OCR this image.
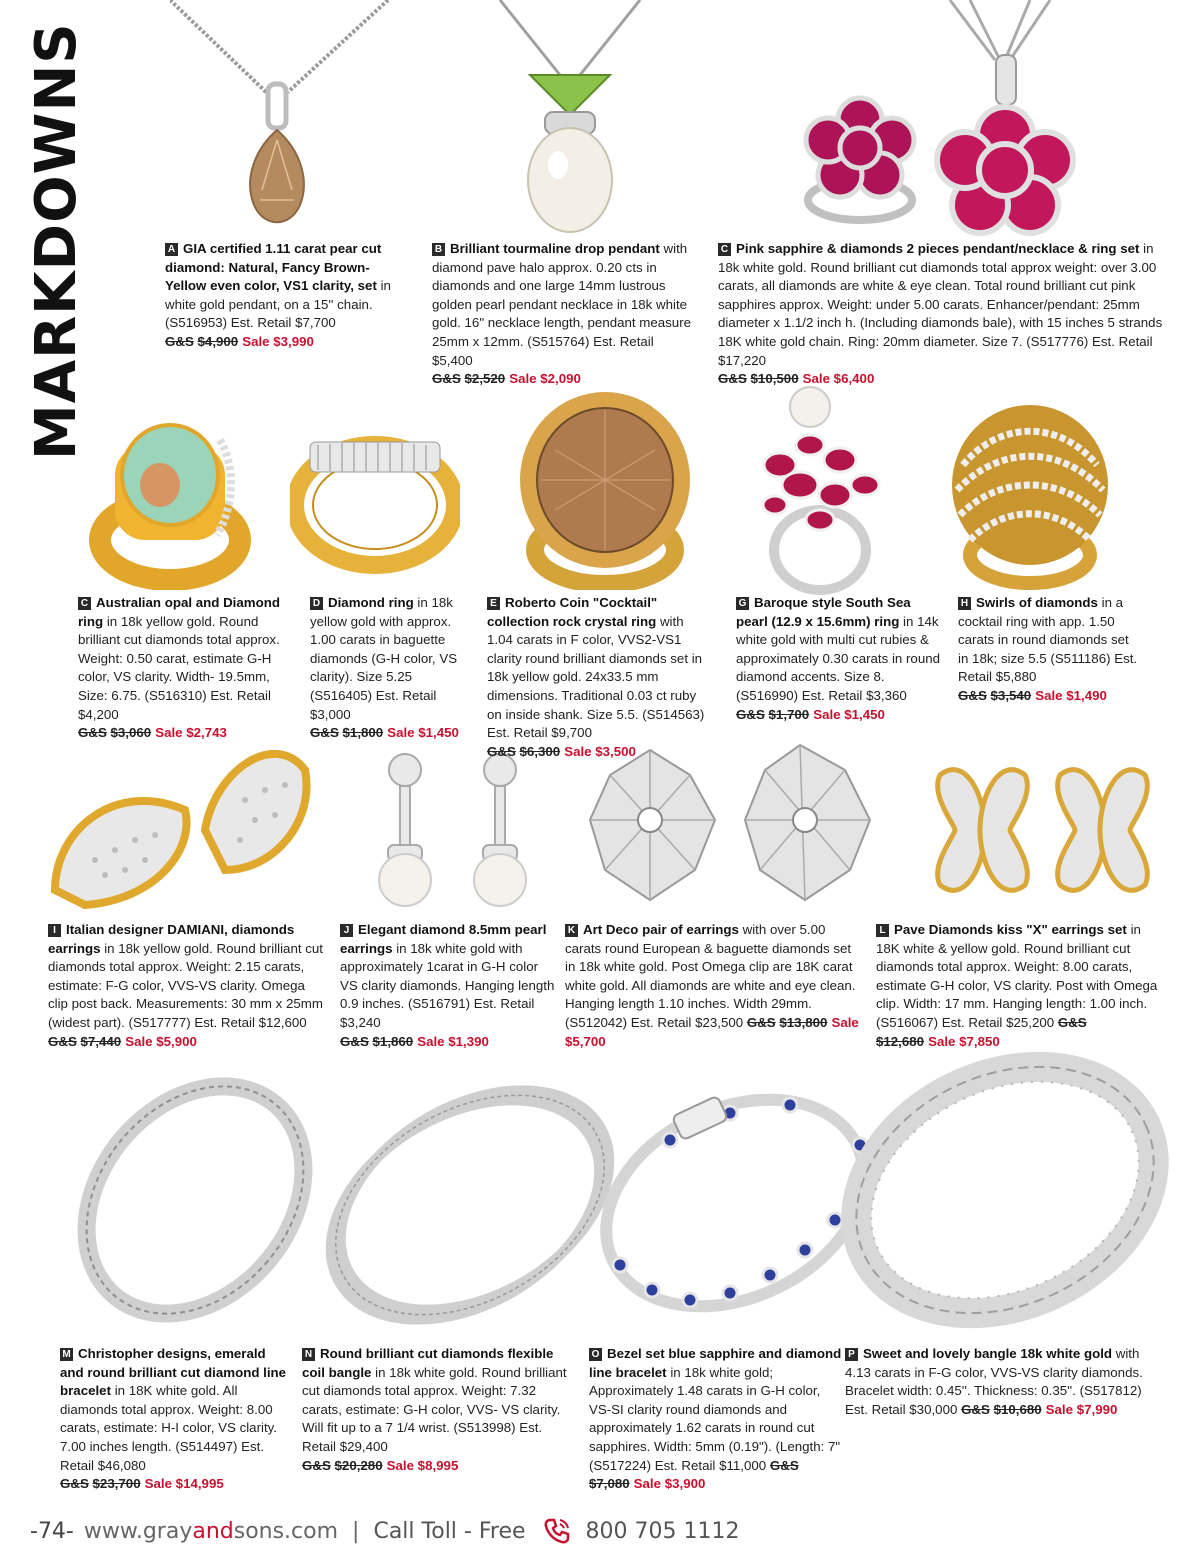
MARKDOWNS	A GIA certified 1.11 carat pear cut diamond: Natural, Fancy Brown-Yellow even color, VS1 clarity, set in white gold pendant, on a 15'' chain. (S516953) Est. Retail $7,700
G&S $4,900 Sale $3,990
B Brilliant tourmaline drop pendant with diamond pave halo approx. 0.20 cts in diamonds and one large 14mm lustrous golden pearl pendant necklace in 18k white gold. 16" necklace length, pendant measure 25mm x 12mm. (S515764) Est. Retail $5,400
G&S $2,520 Sale $2,090
C Pink sapphire & diamonds 2 pieces pendant/necklace & ring set in 18k white gold. Round brilliant cut diamonds total approx weight: over 3.00 carats, all diamonds are white & eye clean. Total round brilliant cut pink sapphires approx. Weight: under 5.00 carats. Enhancer/pendant: 25mm diameter x 1.1/2 inch h. (Including diamonds bale), with 15 inches 5 strands 18K white gold chain. Ring: 20mm diameter. Size 7. (S517776) Est. Retail $17,220
G&S $10,500 Sale $6,400
C Australian opal and Diamond ring in 18k yellow gold. Round brilliant cut diamonds total approx. Weight: 0.50 carat, estimate G-H color, VS clarity. Width- 19.5mm, Size: 6.75. (S516310) Est. Retail $4,200
G&S $3,060 Sale $2,743
D Diamond ring in 18k yellow gold with approx. 1.00 carats in baguette diamonds (G-H color, VS clarity). Size 5.25 (S516405) Est. Retail $3,000
G&S $1,800 Sale $1,450
E Roberto Coin "Cocktail" collection rock crystal ring with 1.04 carats in F color, VVS2-VS1 clarity round brilliant diamonds set in 18k yellow gold. 24x33.5 mm dimensions. Traditional 0.03 ct ruby on inside shank. Size 5.5. (S514563) Est. Retail $9,700
G&S $6,300 Sale $3,500
G Baroque style South Sea pearl (12.9 x 15.6mm) ring in 14k white gold with multi cut rubies & approximately 0.30 carats in round diamond accents. Size 8. (S516990) Est. Retail $3,360
G&S $1,700 Sale $1,450
H Swirls of diamonds in a cocktail ring with app. 1.50 carats in round diamonds set in 18k; size 5.5 (S511186) Est. Retail $5,880
G&S $3,540 Sale $1,490
I Italian designer DAMIANI, diamonds earrings in 18k yellow gold. Round brilliant cut diamonds total approx. Weight: 2.15 carats, estimate: F-G color, VVS-VS clarity. Omega clip post back. Measurements: 30 mm x 25mm (widest part). (S517777) Est. Retail $12,600
G&S $7,440 Sale $5,900
J Elegant diamond 8.5mm pearl earrings in 18k white gold with approximately 1carat in G-H color VS clarity diamonds. Hanging length 0.9 inches. (S516791) Est. Retail $3,240
G&S $1,860 Sale $1,390
K Art Deco pair of earrings with over 5.00 carats round European & baguette diamonds set in 18k white gold. Post Omega clip are 18K carat white gold. All diamonds are white and eye clean. Hanging length 1.10 inches. Width 29mm. (S512042) Est. Retail $23,500 G&S $13,800 Sale $5,700
L Pave Diamonds kiss "X" earrings set in 18K white & yellow gold. Round brilliant cut diamonds total approx. Weight: 8.00 carats, estimate G-H color, VS clarity. Post with Omega clip. Width: 17 mm. Hanging length: 1.00 inch. (S516067) Est. Retail $25,200 G&S $12,680 Sale $7,850
M Christopher designs, emerald and round brilliant cut diamond line bracelet in 18K white gold. All diamonds total approx. Weight: 8.00 carats, estimate: H-I color, VS clarity. 7.00 inches length. (S514497) Est. Retail $46,080
G&S $23,700 Sale $14,995
N Round brilliant cut diamonds flexible coil bangle in 18k white gold. Round brilliant cut diamonds total approx. Weight: 7.32 carats, estimate: G-H color, VVS- VS clarity. Will fit up to a 7 1/4 wrist. (S513998) Est. Retail $29,400
G&S $20,280 Sale $8,995
O Bezel set blue sapphire and diamond line bracelet in 18k white gold; Approximately 1.48 carats in G-H color, VS-SI clarity round diamonds and approximately 1.62 carats in round cut sapphires. Width: 5mm (0.19"). (Length: 7" (S517224) Est. Retail $11,000 G&S $7,080 Sale $3,900
P Sweet and lovely bangle 18k white gold with 4.13 carats in F-G color, VVS-VS clarity diamonds. Bracelet width: 0.45''. Thickness: 0.35''. (S517812) Est. Retail $30,000 G&S $10,680 Sale $7,990
-74- www.grayandsons.com | Call Toll - Free	800 705 1112
